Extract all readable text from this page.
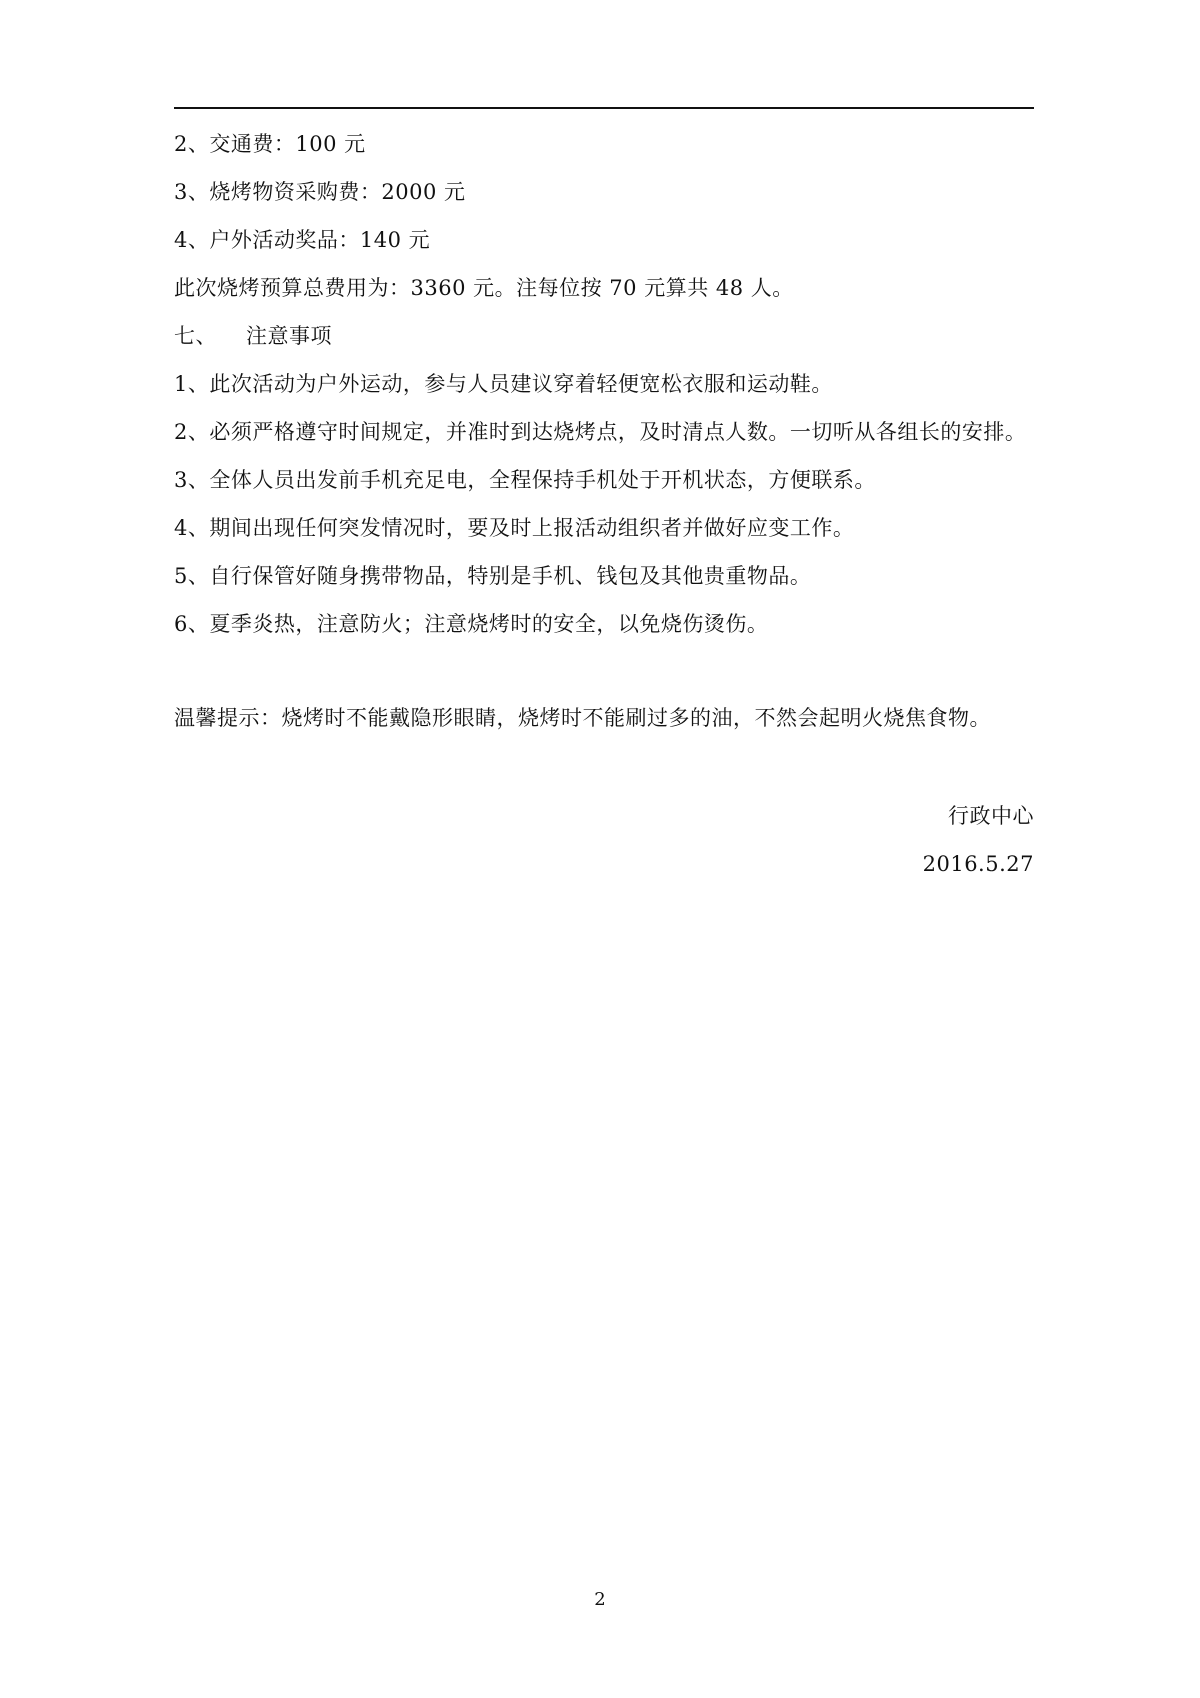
2、交通费：100 元
3、烧烤物资采购费：2000 元
4、户外活动奖品：140 元
此次烧烤预算总费用为：3360 元。注每位按 70 元算共 48 人。
七、 注意事项
1、此次活动为户外运动，参与人员建议穿着轻便宽松衣服和运动鞋。
2、必须严格遵守时间规定，并准时到达烧烤点，及时清点人数。一切听从各组长的安排。
3、全体人员出发前手机充足电，全程保持手机处于开机状态，方便联系。
4、期间出现任何突发情况时，要及时上报活动组织者并做好应变工作。
5、自行保管好随身携带物品，特别是手机、钱包及其他贵重物品。
6、夏季炎热，注意防火；注意烧烤时的安全，以免烧伤烫伤。
温馨提示：烧烤时不能戴隐形眼睛，烧烤时不能刷过多的油，不然会起明火烧焦食物。
行政中心
2016.5.27
2
